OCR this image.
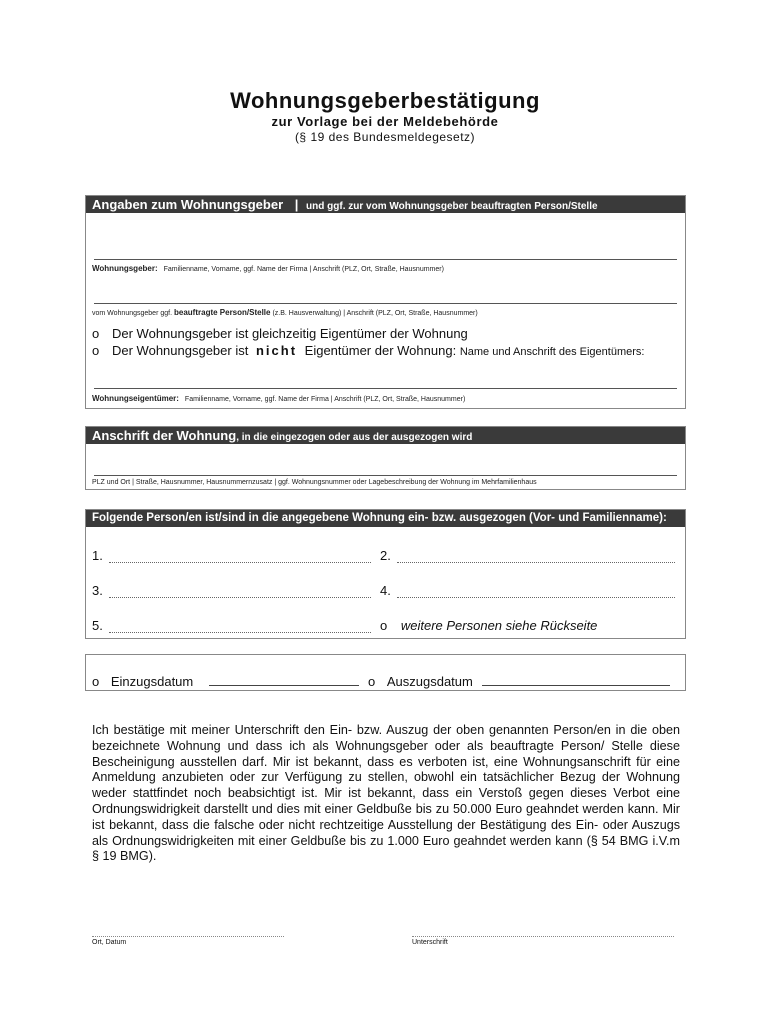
Wohnungsgeberbestätigung
zur Vorlage bei der Meldebehörde
(§ 19 des Bundesmeldegesetz)
Angaben zum Wohnungsgeber | und ggf. zur vom Wohnungsgeber beauftragten Person/Stelle
Wohnungsgeber: Familienname, Vorname, ggf. Name der Firma | Anschrift (PLZ, Ort, Straße, Hausnummer)
vom Wohnungsgeber ggf. beauftragte Person/Stelle (z.B. Hausverwaltung) | Anschrift (PLZ, Ort, Straße, Hausnummer)
o Der Wohnungsgeber ist gleichzeitig Eigentümer der Wohnung
o Der Wohnungsgeber ist nicht Eigentümer der Wohnung: Name und Anschrift des Eigentümers:
Wohnungseigentümer: Familienname, Vorname, ggf. Name der Firma | Anschrift (PLZ, Ort, Straße, Hausnummer)
Anschrift der Wohnung, in die eingezogen oder aus der ausgezogen wird
PLZ und Ort | Straße, Hausnummer, Hausnummernzusatz | ggf. Wohnungsnummer oder Lagebeschreibung der Wohnung im Mehrfamilienhaus
Folgende Person/en ist/sind in die angegebene Wohnung ein- bzw. ausgezogen (Vor- und Familienname):
1.	2.
3.	4.
5.	o weitere Personen siehe Rückseite
o Einzugsdatum	o Auszugsdatum
Ich bestätige mit meiner Unterschrift den Ein- bzw. Auszug der oben genannten Person/en in die oben bezeichnete Wohnung und dass ich als Wohnungsgeber oder als beauftragte Person/ Stelle diese Bescheinigung ausstellen darf. Mir ist bekannt, dass es verboten ist, eine Wohnungsanschrift für eine Anmeldung anzubieten oder zur Verfügung zu stellen, obwohl ein tatsächlicher Bezug der Wohnung weder stattfindet noch beabsichtigt ist. Mir ist bekannt, dass ein Verstoß gegen dieses Verbot eine Ordnungswidrigkeit darstellt und dies mit einer Geldbuße bis zu 50.000 Euro geahndet werden kann. Mir ist bekannt, dass die falsche oder nicht rechtzeitige Ausstellung der Bestätigung des Ein- oder Auszugs als Ordnungswidrigkeiten mit einer Geldbuße bis zu 1.000 Euro geahndet werden kann (§ 54 BMG i.V.m § 19 BMG).
Ort, Datum	Unterschrift
